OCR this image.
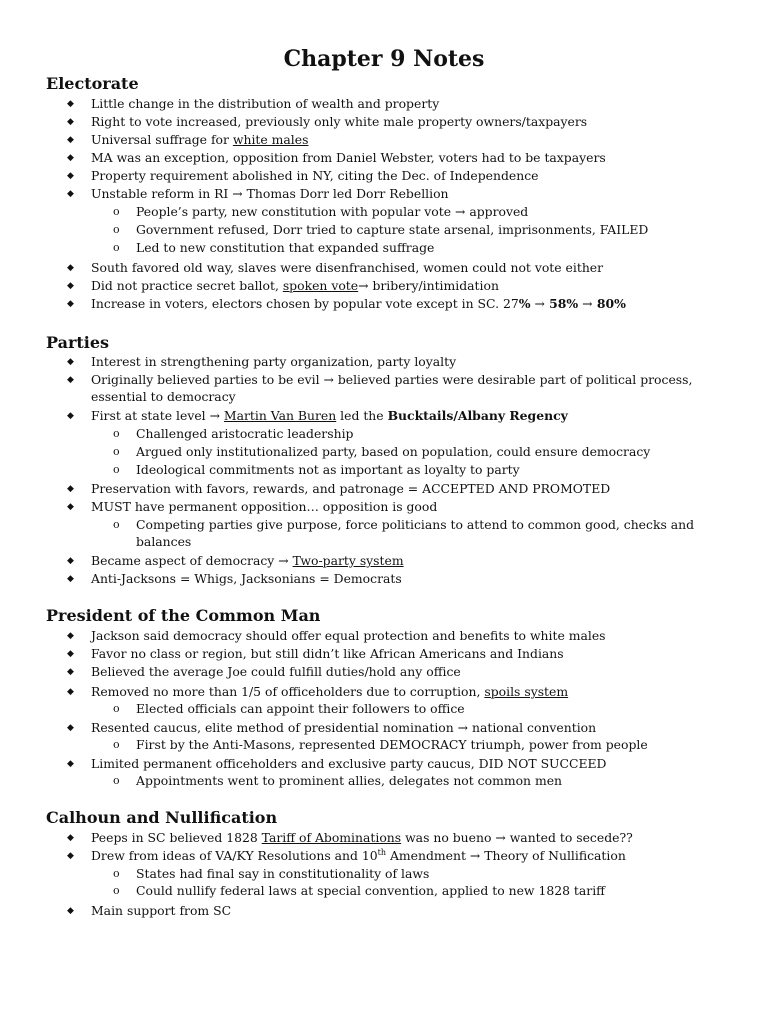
Chapter 9 Notes
Electorate
◆ Little change in the distribution of wealth and property
◆ Right to vote increased, previously only white male property owners/taxpayers
◆ Universal suffrage for white males
◆ MA was an exception, opposition from Daniel Webster, voters had to be taxpayers
◆ Property requirement abolished in NY, citing the Dec. of Independence
◆ Unstable reform in RI → Thomas Dorr led Dorr Rebellion
o People’s party, new constitution with popular vote → approved
o Government refused, Dorr tried to capture state arsenal, imprisonments, FAILED
o Led to new constitution that expanded suffrage
◆ South favored old way, slaves were disenfranchised, women could not vote either
◆ Did not practice secret ballot, spoken vote→ bribery/intimidation
◆ Increase in voters, electors chosen by popular vote except in SC. 27% → 58% → 80%
Parties
◆ Interest in strengthening party organization, party loyalty
◆ Originally believed parties to be evil → believed parties were desirable part of political process,
essential to democracy
◆ First at state level → Martin Van Buren led the Bucktails/Albany Regency
o Challenged aristocratic leadership
o Argued only institutionalized party, based on population, could ensure democracy
o Ideological commitments not as important as loyalty to party
◆ Preservation with favors, rewards, and patronage = ACCEPTED AND PROMOTED
◆ MUST have permanent opposition… opposition is good
o Competing parties give purpose, force politicians to attend to common good, checks and
balances
◆ Became aspect of democracy → Two-party system
◆ Anti-Jacksons = Whigs, Jacksonians = Democrats
President of the Common Man
◆ Jackson said democracy should offer equal protection and benefits to white males
◆ Favor no class or region, but still didn’t like African Americans and Indians
◆ Believed the average Joe could fulfill duties/hold any office
◆ Removed no more than 1/5 of officeholders due to corruption, spoils system
o Elected officials can appoint their followers to office
◆ Resented caucus, elite method of presidential nomination → national convention
o First by the Anti-Masons, represented DEMOCRACY triumph, power from people
◆ Limited permanent officeholders and exclusive party caucus, DID NOT SUCCEED
o Appointments went to prominent allies, delegates not common men
Calhoun and Nullification
◆ Peeps in SC believed 1828 Tariff of Abominations was no bueno → wanted to secede??
◆ Drew from ideas of VA/KY Resolutions and 10th Amendment → Theory of Nullification
o States had final say in constitutionality of laws
o Could nullify federal laws at special convention, applied to new 1828 tariff
◆ Main support from SC
